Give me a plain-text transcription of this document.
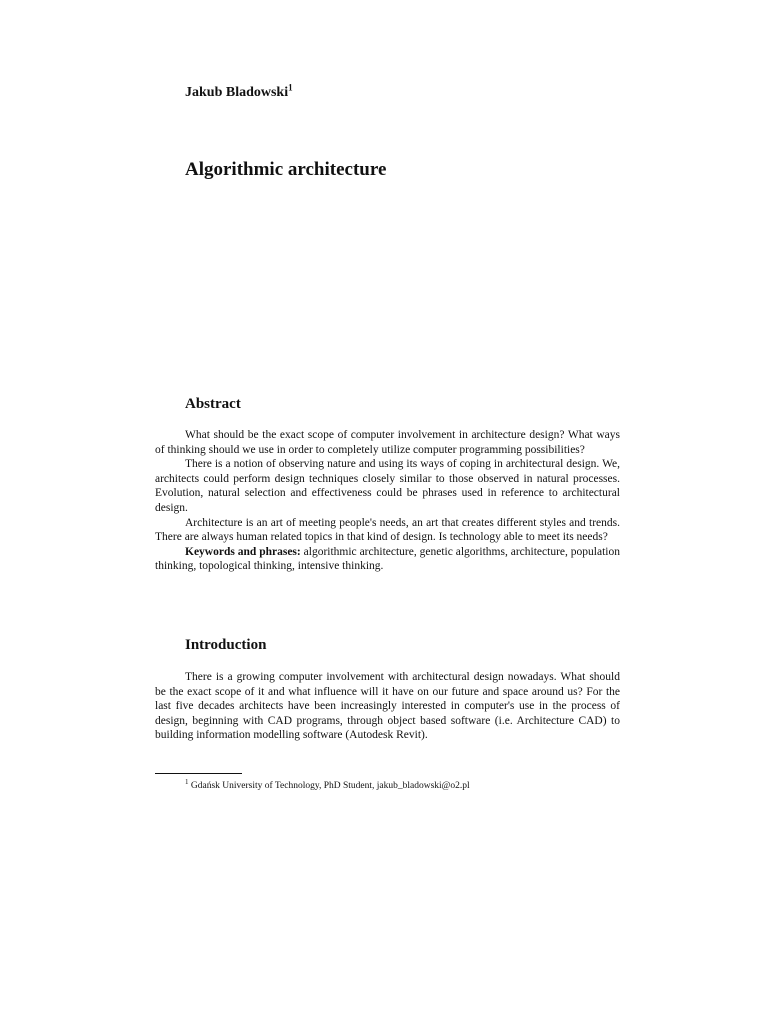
Jakub Bladowski$^1$
Algorithmic architecture
Abstract

What should be the exact scope of computer involvement in architecture design? What ways of thinking should we use in order to completely utilize computer programming possibilities?

There is a notion of observing nature and using its ways of coping in architectural design. We, architects could perform design techniques closely similar to those observed in natural processes. Evolution, natural selection and effectiveness could be phrases used in reference to architectural design.

Architecture is an art of meeting people's needs, an art that creates different styles and trends. There are always human related topics in that kind of design. Is technology able to meet its needs?

Keywords and phrases: algorithmic architecture, genetic algorithms, architecture, population thinking, topological thinking, intensive thinking.

Introduction

There is a growing computer involvement with architectural design nowadays. What should be the exact scope of it and what influence will it have on our future and space around us? For the last five decades architects have been increasingly interested in computer's use in the process of design, beginning with CAD programs, through object based software (i.e. Architecture CAD) to building information modelling software (Autodesk Revit).

$^1$ Gdańsk University of Technology, PhD Student, jakub_bladowski@o2.pl
